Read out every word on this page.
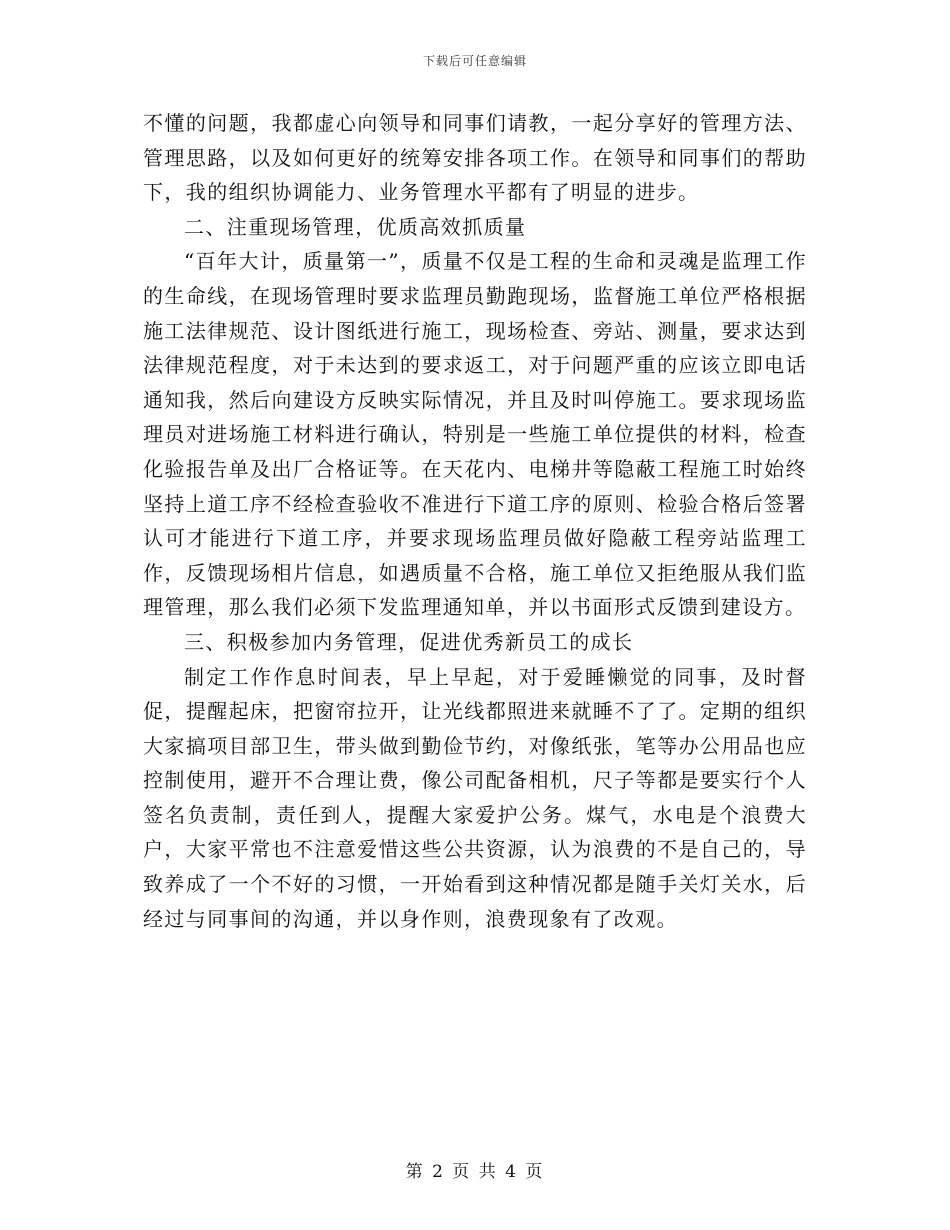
下载后可任意编辑

不懂的问题，我都虚心向领导和同事们请教，一起分享好的管理方法、管理思路，以及如何更好的统筹安排各项工作。在领导和同事们的帮助下，我的组织协调能力、业务管理水平都有了明显的进步。

二、注重现场管理，优质高效抓质量

“百年大计，质量第一”，质量不仅是工程的生命和灵魂是监理工作的生命线，在现场管理时要求监理员勤跑现场，监督施工单位严格根据施工法律规范、设计图纸进行施工，现场检查、旁站、测量，要求达到法律规范程度，对于未达到的要求返工，对于问题严重的应该立即电话通知我，然后向建设方反映实际情况，并且及时叫停施工。要求现场监理员对进场施工材料进行确认，特别是一些施工单位提供的材料，检查化验报告单及出厂合格证等。在天花内、电梯井等隐蔽工程施工时始终坚持上道工序不经检查验收不准进行下道工序的原则、检验合格后签署认可才能进行下道工序，并要求现场监理员做好隐蔽工程旁站监理工作，反馈现场相片信息，如遇质量不合格，施工单位又拒绝服从我们监理管理，那么我们必须下发监理通知单，并以书面形式反馈到建设方。

三、积极参加内务管理，促进优秀新员工的成长

制定工作作息时间表，早上早起，对于爱睡懒觉的同事，及时督促，提醒起床，把窗帘拉开，让光线都照进来就睡不了了。定期的组织大家搞项目部卫生，带头做到勤俭节约，对像纸张，笔等办公用品也应控制使用，避开不合理让费，像公司配备相机，尺子等都是要实行个人签名负责制，责任到人，提醒大家爱护公务。煤气，水电是个浪费大户，大家平常也不注意爱惜这些公共资源，认为浪费的不是自己的，导致养成了一个不好的习惯，一开始看到这种情况都是随手关灯关水，后经过与同事间的沟通，并以身作则，浪费现象有了改观。

第 2 页 共 4 页
